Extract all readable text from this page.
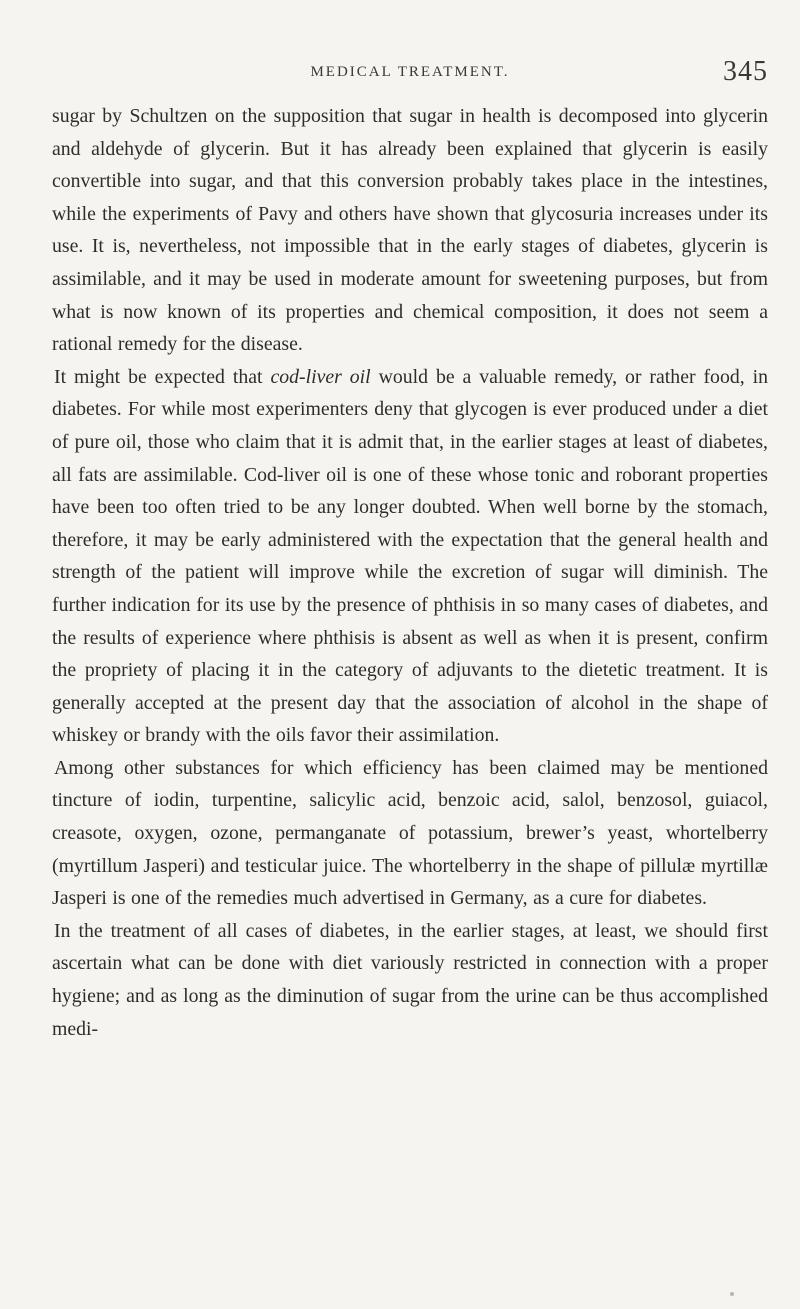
MEDICAL TREATMENT.	345

sugar by Schultzen on the supposition that sugar in health is decomposed into glycerin and aldehyde of glycerin. But it has already been explained that glycerin is easily convertible into sugar, and that this conversion probably takes place in the intestines, while the experiments of Pavy and others have shown that glycosuria increases under its use. It is, nevertheless, not impossible that in the early stages of diabetes, glycerin is assimilable, and it may be used in moderate amount for sweetening purposes, but from what is now known of its properties and chemical composition, it does not seem a rational remedy for the disease.

It might be expected that cod-liver oil would be a valuable remedy, or rather food, in diabetes. For while most experimenters deny that glycogen is ever produced under a diet of pure oil, those who claim that it is admit that, in the earlier stages at least of diabetes, all fats are assimilable. Cod-liver oil is one of these whose tonic and roborant properties have been too often tried to be any longer doubted. When well borne by the stomach, therefore, it may be early administered with the expectation that the general health and strength of the patient will improve while the excretion of sugar will diminish. The further indication for its use by the presence of phthisis in so many cases of diabetes, and the results of experience where phthisis is absent as well as when it is present, confirm the propriety of placing it in the category of adjuvants to the dietetic treatment. It is generally accepted at the present day that the association of alcohol in the shape of whiskey or brandy with the oils favor their assimilation.

Among other substances for which efficiency has been claimed may be mentioned tincture of iodin, turpentine, salicylic acid, benzoic acid, salol, benzosol, guiacol, creasote, oxygen, ozone, permanganate of potassium, brewer’s yeast, whortelberry (myrtillum Jasperi) and testicular juice. The whortelberry in the shape of pillulæ myrtillæ Jasperi is one of the remedies much advertised in Germany, as a cure for diabetes.

In the treatment of all cases of diabetes, in the earlier stages, at least, we should first ascertain what can be done with diet variously restricted in connection with a proper hygiene; and as long as the diminution of sugar from the urine can be thus accomplished medi-
